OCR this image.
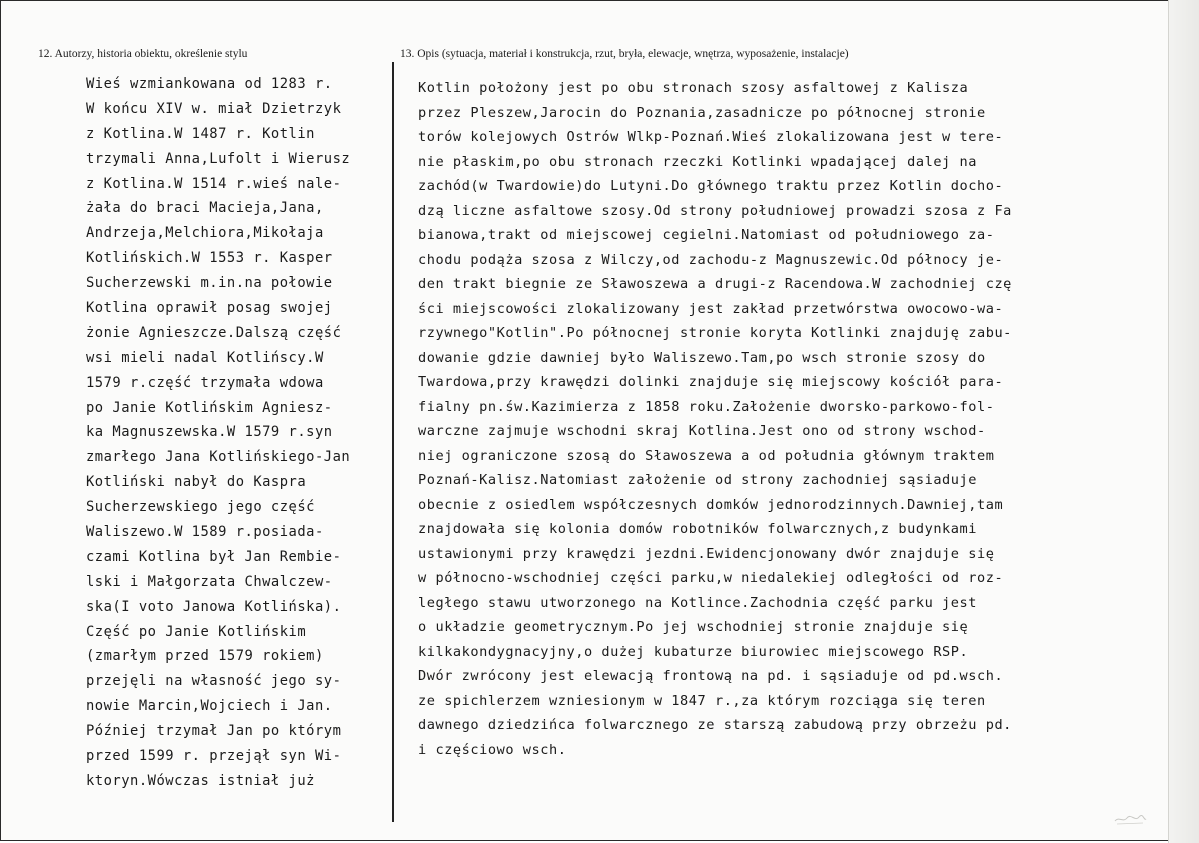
12. Autorzy, historia obiektu, określenie stylu	13. Opis (sytuacja, materiał i konstrukcja, rzut, bryła, elewacje, wnętrza, wyposażenie, instalacje)
Wieś wzmiankowana od 1283 r.
W końcu XIV w. miał Dzietrzyk
z Kotlina.W 1487 r. Kotlin
trzymali Anna,Lufolt i Wierusz
z Kotlina.W 1514 r.wieś nale-
żała do braci Macieja,Jana,
Andrzeja,Melchiora,Mikołaja
Kotlińskich.W 1553 r. Kasper
Sucherzewski m.in.na połowie
Kotlina oprawił posag swojej
żonie Agnieszcze.Dalszą część
wsi mieli nadal Kotlińscy.W
1579 r.część trzymała wdowa
po Janie Kotlińskim Agniesz-
ka Magnuszewska.W 1579 r.syn
zmarłego Jana Kotlińskiego-Jan
Kotliński nabył do Kaspra
Sucherzewskiego jego część
Waliszewo.W 1589 r.posiada-
czami Kotlina był Jan Rembie-
lski i Małgorzata Chwalczew-
ska(I voto Janowa Kotlińska).
Część po Janie Kotlińskim
(zmarłym przed 1579 rokiem)
przejęli na własność jego sy-
nowie Marcin,Wojciech i Jan.
Później trzymał Jan po którym
przed 1599 r. przejął syn Wi-
ktoryn.Wówczas istniał już
Kotlin położony jest po obu stronach szosy asfaltowej z Kalisza
przez Pleszew,Jarocin do Poznania,zasadnicze po północnej stronie
torów kolejowych Ostrów Wlkp-Poznań.Wieś zlokalizowana jest w tere-
nie płaskim,po obu stronach rzeczki Kotlinki wpadającej dalej na
zachód(w Twardowie)do Lutyni.Do głównego traktu przez Kotlin docho-
dzą liczne asfaltowe szosy.Od strony południowej prowadzi szosa z Fa
bianowa,trakt od miejscowej cegielni.Natomiast od południowego za-
chodu podąża szosa z Wilczy,od zachodu-z Magnuszewic.Od północy je-
den trakt biegnie ze Sławoszewa a drugi-z Racendowa.W zachodniej czę
ści miejscowości zlokalizowany jest zakład przetwórstwa owocowo-wa-
rzywnego"Kotlin".Po północnej stronie koryta Kotlinki znajduję zabu-
dowanie gdzie dawniej było Waliszewo.Tam,po wsch stronie szosy do
Twardowa,przy krawędzi dolinki znajduje się miejscowy kościół para-
fialny pn.św.Kazimierza z 1858 roku.Założenie dworsko-parkowo-fol-
warczne zajmuje wschodni skraj Kotlina.Jest ono od strony wschod-
niej ograniczone szosą do Sławoszewa a od południa głównym traktem
Poznań-Kalisz.Natomiast założenie od strony zachodniej sąsiaduje
obecnie z osiedlem współczesnych domków jednorodzinnych.Dawniej,tam
znajdowała się kolonia domów robotników folwarcznych,z budynkami
ustawionymi przy krawędzi jezdni.Ewidencjonowany dwór znajduje się
w północno-wschodniej części parku,w niedalekiej odległości od roz-
ległego stawu utworzonego na Kotlince.Zachodnia część parku jest
o układzie geometrycznym.Po jej wschodniej stronie znajduje się
kilkakondygnacyjny,o dużej kubaturze biurowiec miejscowego RSP.
Dwór zwrócony jest elewacją frontową na pd. i sąsiaduje od pd.wsch.
ze spichlerzem wzniesionym w 1847 r.,za którym rozciąga się teren
dawnego dziedzińca folwarcznego ze starszą zabudową przy obrzeżu pd.
i częściowo wsch.
